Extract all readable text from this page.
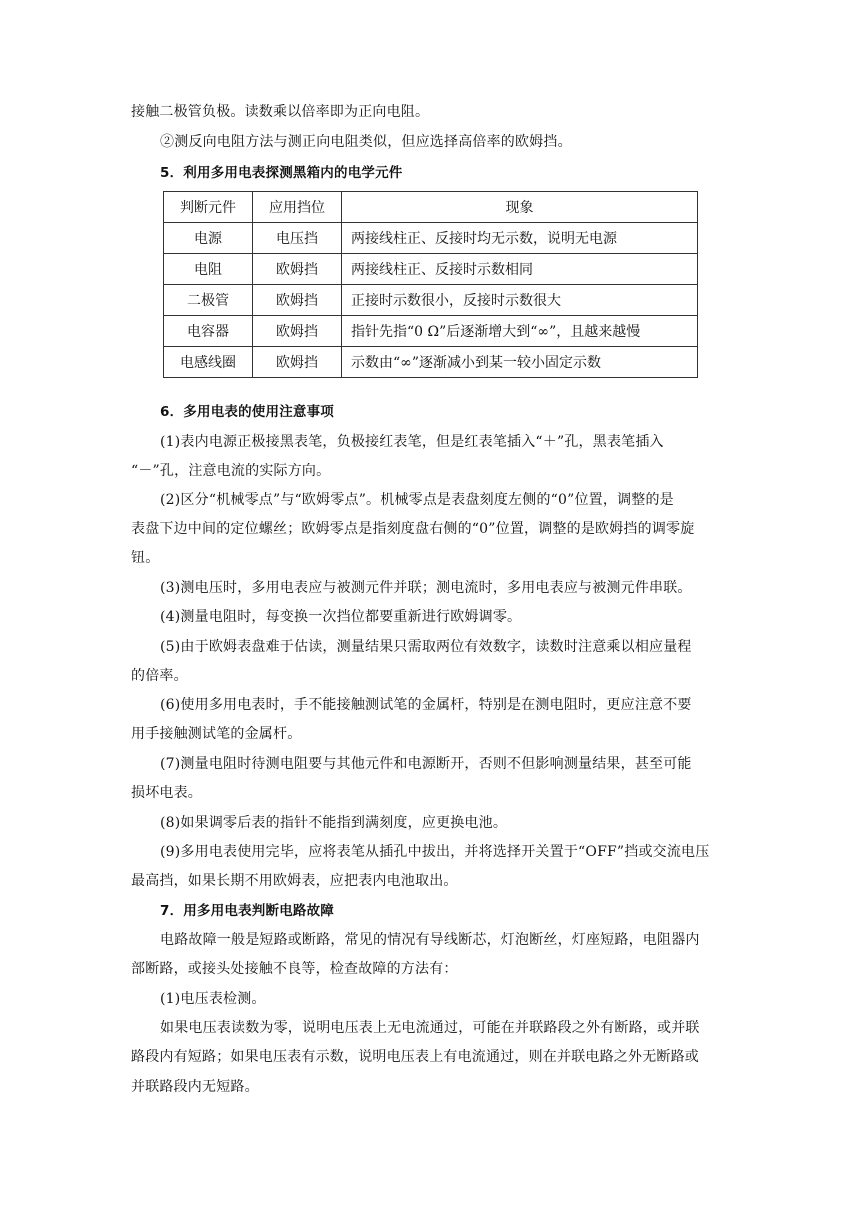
接触二极管负极。读数乘以倍率即为正向电阻。
②测反向电阻方法与测正向电阻类似，但应选择高倍率的欧姆挡。
5．利用多用电表探测黑箱内的电学元件
判断元件	应用挡位	现象
电源	电压挡	两接线柱正、反接时均无示数，说明无电源
电阻	欧姆挡	两接线柱正、反接时示数相同
二极管	欧姆挡	正接时示数很小，反接时示数很大
电容器	欧姆挡	指针先指“0 Ω”后逐渐增大到“∞”，且越来越慢
电感线圈	欧姆挡	示数由“∞”逐渐减小到某一较小固定示数
6．多用电表的使用注意事项
(1)表内电源正极接黑表笔，负极接红表笔，但是红表笔插入“＋”孔，黑表笔插入
“－”孔，注意电流的实际方向。
(2)区分“机械零点”与“欧姆零点”。机械零点是表盘刻度左侧的“0”位置，调整的是
表盘下边中间的定位螺丝；欧姆零点是指刻度盘右侧的“0”位置，调整的是欧姆挡的调零旋
钮。
(3)测电压时，多用电表应与被测元件并联；测电流时，多用电表应与被测元件串联。
(4)测量电阻时，每变换一次挡位都要重新进行欧姆调零。
(5)由于欧姆表盘难于估读，测量结果只需取两位有效数字，读数时注意乘以相应量程
的倍率。
(6)使用多用电表时，手不能接触测试笔的金属杆，特别是在测电阻时，更应注意不要
用手接触测试笔的金属杆。
(7)测量电阻时待测电阻要与其他元件和电源断开，否则不但影响测量结果，甚至可能
损坏电表。
(8)如果调零后表的指针不能指到满刻度，应更换电池。
(9)多用电表使用完毕，应将表笔从插孔中拔出，并将选择开关置于“OFF”挡或交流电压
最高挡，如果长期不用欧姆表，应把表内电池取出。
7．用多用电表判断电路故障
电路故障一般是短路或断路，常见的情况有导线断芯，灯泡断丝，灯座短路，电阻器内
部断路，或接头处接触不良等，检查故障的方法有：
(1)电压表检测。
如果电压表读数为零，说明电压表上无电流通过，可能在并联路段之外有断路，或并联
路段内有短路；如果电压表有示数，说明电压表上有电流通过，则在并联电路之外无断路或
并联路段内无短路。
